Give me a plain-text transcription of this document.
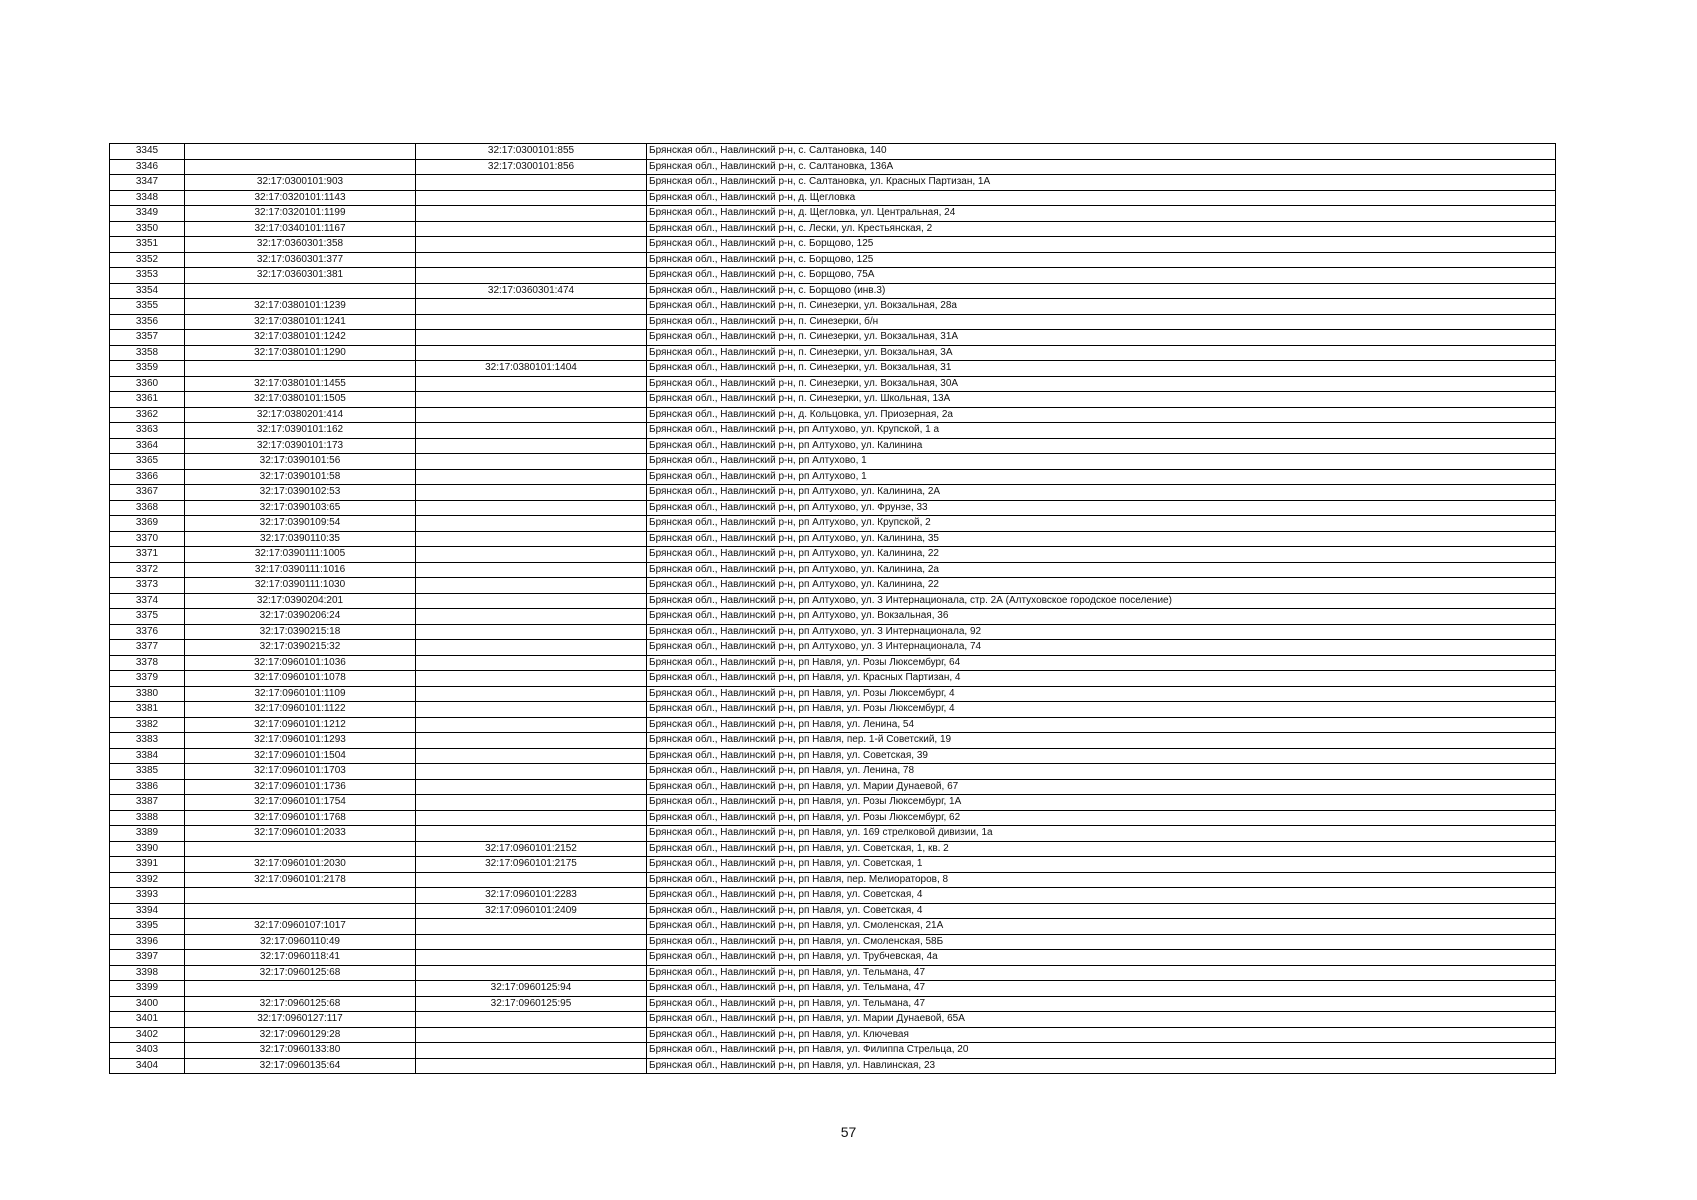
3345		32:17:0300101:855	Брянская обл., Навлинский р-н, с. Салтановка, 140
3346		32:17:0300101:856	Брянская обл., Навлинский р-н, с. Салтановка, 136А
3347	32:17:0300101:903		Брянская обл., Навлинский р-н, с. Салтановка, ул. Красных Партизан, 1А
3348	32:17:0320101:1143		Брянская обл., Навлинский р-н, д. Щегловка
3349	32:17:0320101:1199		Брянская обл., Навлинский р-н, д. Щегловка, ул. Центральная, 24
3350	32:17:0340101:1167		Брянская обл., Навлинский р-н, с. Лески, ул. Крестьянская, 2
3351	32:17:0360301:358		Брянская обл., Навлинский р-н, с. Борщово, 125
3352	32:17:0360301:377		Брянская обл., Навлинский р-н, с. Борщово, 125
3353	32:17:0360301:381		Брянская обл., Навлинский р-н, с. Борщово, 75А
3354		32:17:0360301:474	Брянская обл., Навлинский р-н, с. Борщово (инв.3)
3355	32:17:0380101:1239		Брянская обл., Навлинский р-н, п. Синезерки, ул. Вокзальная, 28а
3356	32:17:0380101:1241		Брянская обл., Навлинский р-н, п. Синезерки, б/н
3357	32:17:0380101:1242		Брянская обл., Навлинский р-н, п. Синезерки, ул. Вокзальная, 31А
3358	32:17:0380101:1290		Брянская обл., Навлинский р-н, п. Синезерки, ул. Вокзальная, 3А
3359		32:17:0380101:1404	Брянская обл., Навлинский р-н, п. Синезерки, ул. Вокзальная, 31
3360	32:17:0380101:1455		Брянская обл., Навлинский р-н, п. Синезерки, ул. Вокзальная, 30А
3361	32:17:0380101:1505		Брянская обл., Навлинский р-н, п. Синезерки, ул. Школьная, 13А
3362	32:17:0380201:414		Брянская обл., Навлинский р-н, д. Кольцовка, ул. Приозерная, 2а
3363	32:17:0390101:162		Брянская обл., Навлинский р-н, рп Алтухово, ул. Крупской, 1 а
3364	32:17:0390101:173		Брянская обл., Навлинский р-н, рп Алтухово, ул. Калинина
3365	32:17:0390101:56		Брянская обл., Навлинский р-н, рп Алтухово, 1
3366	32:17:0390101:58		Брянская обл., Навлинский р-н, рп Алтухово, 1
3367	32:17:0390102:53		Брянская обл., Навлинский р-н, рп Алтухово, ул. Калинина, 2А
3368	32:17:0390103:65		Брянская обл., Навлинский р-н, рп Алтухово, ул. Фрунзе, 33
3369	32:17:0390109:54		Брянская обл., Навлинский р-н, рп Алтухово, ул. Крупской, 2
3370	32:17:0390110:35		Брянская обл., Навлинский р-н, рп Алтухово, ул. Калинина, 35
3371	32:17:0390111:1005		Брянская обл., Навлинский р-н, рп Алтухово, ул. Калинина, 22
3372	32:17:0390111:1016		Брянская обл., Навлинский р-н, рп Алтухово, ул. Калинина, 2а
3373	32:17:0390111:1030		Брянская обл., Навлинский р-н, рп Алтухово, ул. Калинина, 22
3374	32:17:0390204:201		Брянская обл., Навлинский р-н, рп Алтухово, ул. 3 Интернационала, стр. 2А (Алтуховское городское поселение)
3375	32:17:0390206:24		Брянская обл., Навлинский р-н, рп Алтухово, ул. Вокзальная, 36
3376	32:17:0390215:18		Брянская обл., Навлинский р-н, рп Алтухово, ул. 3 Интернационала, 92
3377	32:17:0390215:32		Брянская обл., Навлинский р-н, рп Алтухово, ул. 3 Интернационала, 74
3378	32:17:0960101:1036		Брянская обл., Навлинский р-н, рп Навля, ул. Розы Люксембург, 64
3379	32:17:0960101:1078		Брянская обл., Навлинский р-н, рп Навля, ул. Красных Партизан, 4
3380	32:17:0960101:1109		Брянская обл., Навлинский р-н, рп Навля, ул. Розы Люксембург, 4
3381	32:17:0960101:1122		Брянская обл., Навлинский р-н, рп Навля, ул. Розы Люксембург, 4
3382	32:17:0960101:1212		Брянская обл., Навлинский р-н, рп Навля, ул. Ленина, 54
3383	32:17:0960101:1293		Брянская обл., Навлинский р-н, рп Навля, пер. 1-й Советский, 19
3384	32:17:0960101:1504		Брянская обл., Навлинский р-н, рп Навля, ул. Советская, 39
3385	32:17:0960101:1703		Брянская обл., Навлинский р-н, рп Навля, ул. Ленина, 78
3386	32:17:0960101:1736		Брянская обл., Навлинский р-н, рп Навля, ул. Марии Дунаевой, 67
3387	32:17:0960101:1754		Брянская обл., Навлинский р-н, рп Навля, ул. Розы Люксембург, 1А
3388	32:17:0960101:1768		Брянская обл., Навлинский р-н, рп Навля, ул. Розы Люксембург, 62
3389	32:17:0960101:2033		Брянская обл., Навлинский р-н, рп Навля, ул. 169 стрелковой дивизии, 1а
3390		32:17:0960101:2152	Брянская обл., Навлинский р-н, рп Навля, ул. Советская, 1, кв. 2
3391	32:17:0960101:2030	32:17:0960101:2175	Брянская обл., Навлинский р-н, рп Навля, ул. Советская, 1
3392	32:17:0960101:2178		Брянская обл., Навлинский р-н, рп Навля, пер. Мелиораторов, 8
3393		32:17:0960101:2283	Брянская обл., Навлинский р-н, рп Навля, ул. Советская, 4
3394		32:17:0960101:2409	Брянская обл., Навлинский р-н, рп Навля, ул. Советская, 4
3395	32:17:0960107:1017		Брянская обл., Навлинский р-н, рп Навля, ул. Смоленская, 21А
3396	32:17:0960110:49		Брянская обл., Навлинский р-н, рп Навля, ул. Смоленская, 58Б
3397	32:17:0960118:41		Брянская обл., Навлинский р-н, рп Навля, ул. Трубчевская, 4а
3398	32:17:0960125:68		Брянская обл., Навлинский р-н, рп Навля, ул. Тельмана, 47
3399		32:17:0960125:94	Брянская обл., Навлинский р-н, рп Навля, ул. Тельмана, 47
3400	32:17:0960125:68	32:17:0960125:95	Брянская обл., Навлинский р-н, рп Навля, ул. Тельмана, 47
3401	32:17:0960127:117		Брянская обл., Навлинский р-н, рп Навля, ул. Марии Дунаевой, 65А
3402	32:17:0960129:28		Брянская обл., Навлинский р-н, рп Навля, ул. Ключевая
3403	32:17:0960133:80		Брянская обл., Навлинский р-н, рп Навля, ул. Филиппа Стрельца, 20
3404	32:17:0960135:64		Брянская обл., Навлинский р-н, рп Навля, ул. Навлинская, 23
57
